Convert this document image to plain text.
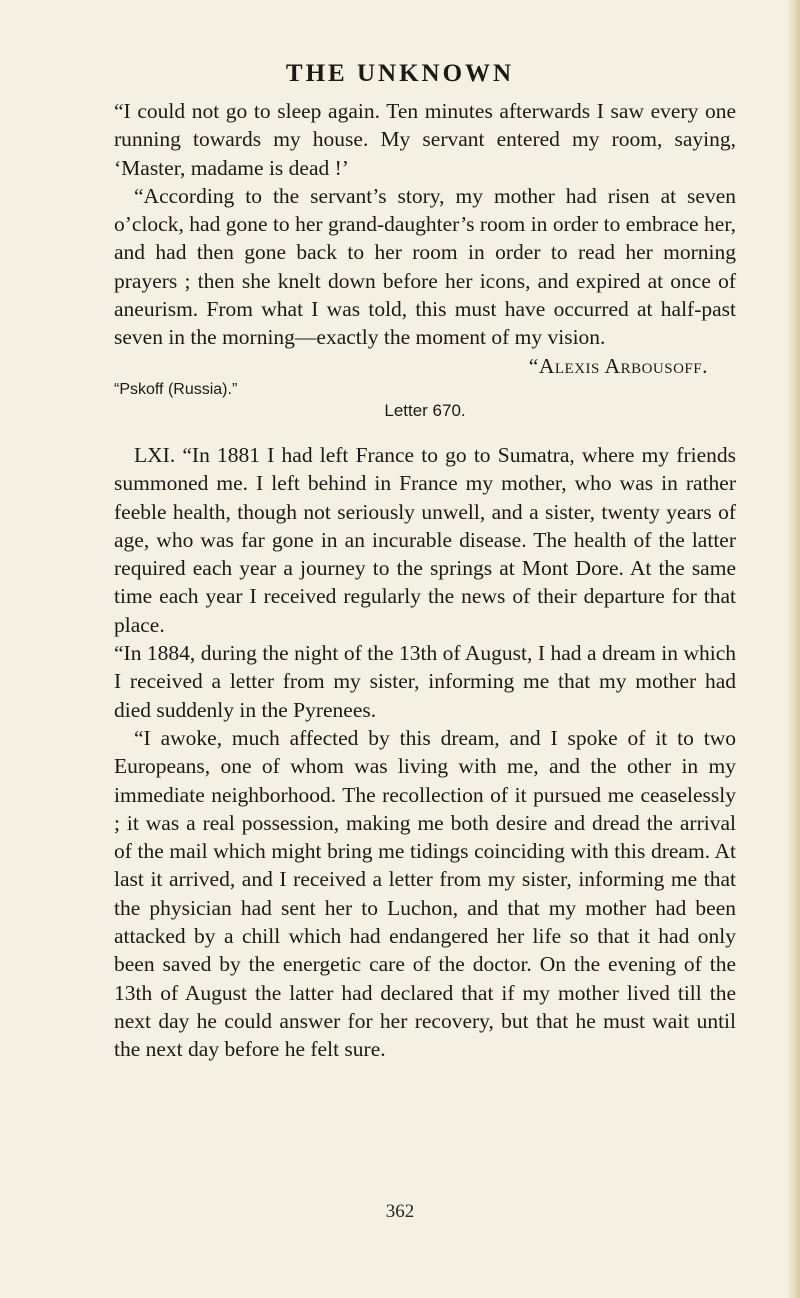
THE UNKNOWN

“I could not go to sleep again. Ten minutes afterwards I saw every one running towards my house. My servant entered my room, saying, ‘Master, madame is dead !’

“According to the servant’s story, my mother had risen at seven o’clock, had gone to her grand-daughter’s room in order to embrace her, and had then gone back to her room in order to read her morning prayers ; then she knelt down before her icons, and expired at once of aneurism. From what I was told, this must have occurred at half-past seven in the morning—exactly the moment of my vision.

“Alexis Arbousoff.

“Pskoff (Russia).”

Letter 670.

LXI. “In 1881 I had left France to go to Sumatra, where my friends summoned me. I left behind in France my mother, who was in rather feeble health, though not seriously unwell, and a sister, twenty years of age, who was far gone in an incurable disease. The health of the latter required each year a journey to the springs at Mont Dore. At the same time each year I received regularly the news of their departure for that place.

“In 1884, during the night of the 13th of August, I had a dream in which I received a letter from my sister, informing me that my mother had died suddenly in the Pyrenees.

“I awoke, much affected by this dream, and I spoke of it to two Europeans, one of whom was living with me, and the other in my immediate neighborhood. The recollection of it pursued me ceaselessly ; it was a real possession, making me both desire and dread the arrival of the mail which might bring me tidings coinciding with this dream. At last it arrived, and I received a letter from my sister, informing me that the physician had sent her to Luchon, and that my mother had been attacked by a chill which had endangered her life so that it had only been saved by the energetic care of the doctor. On the evening of the 13th of August the latter had declared that if my mother lived till the next day he could answer for her recovery, but that he must wait until the next day before he felt sure.

362
